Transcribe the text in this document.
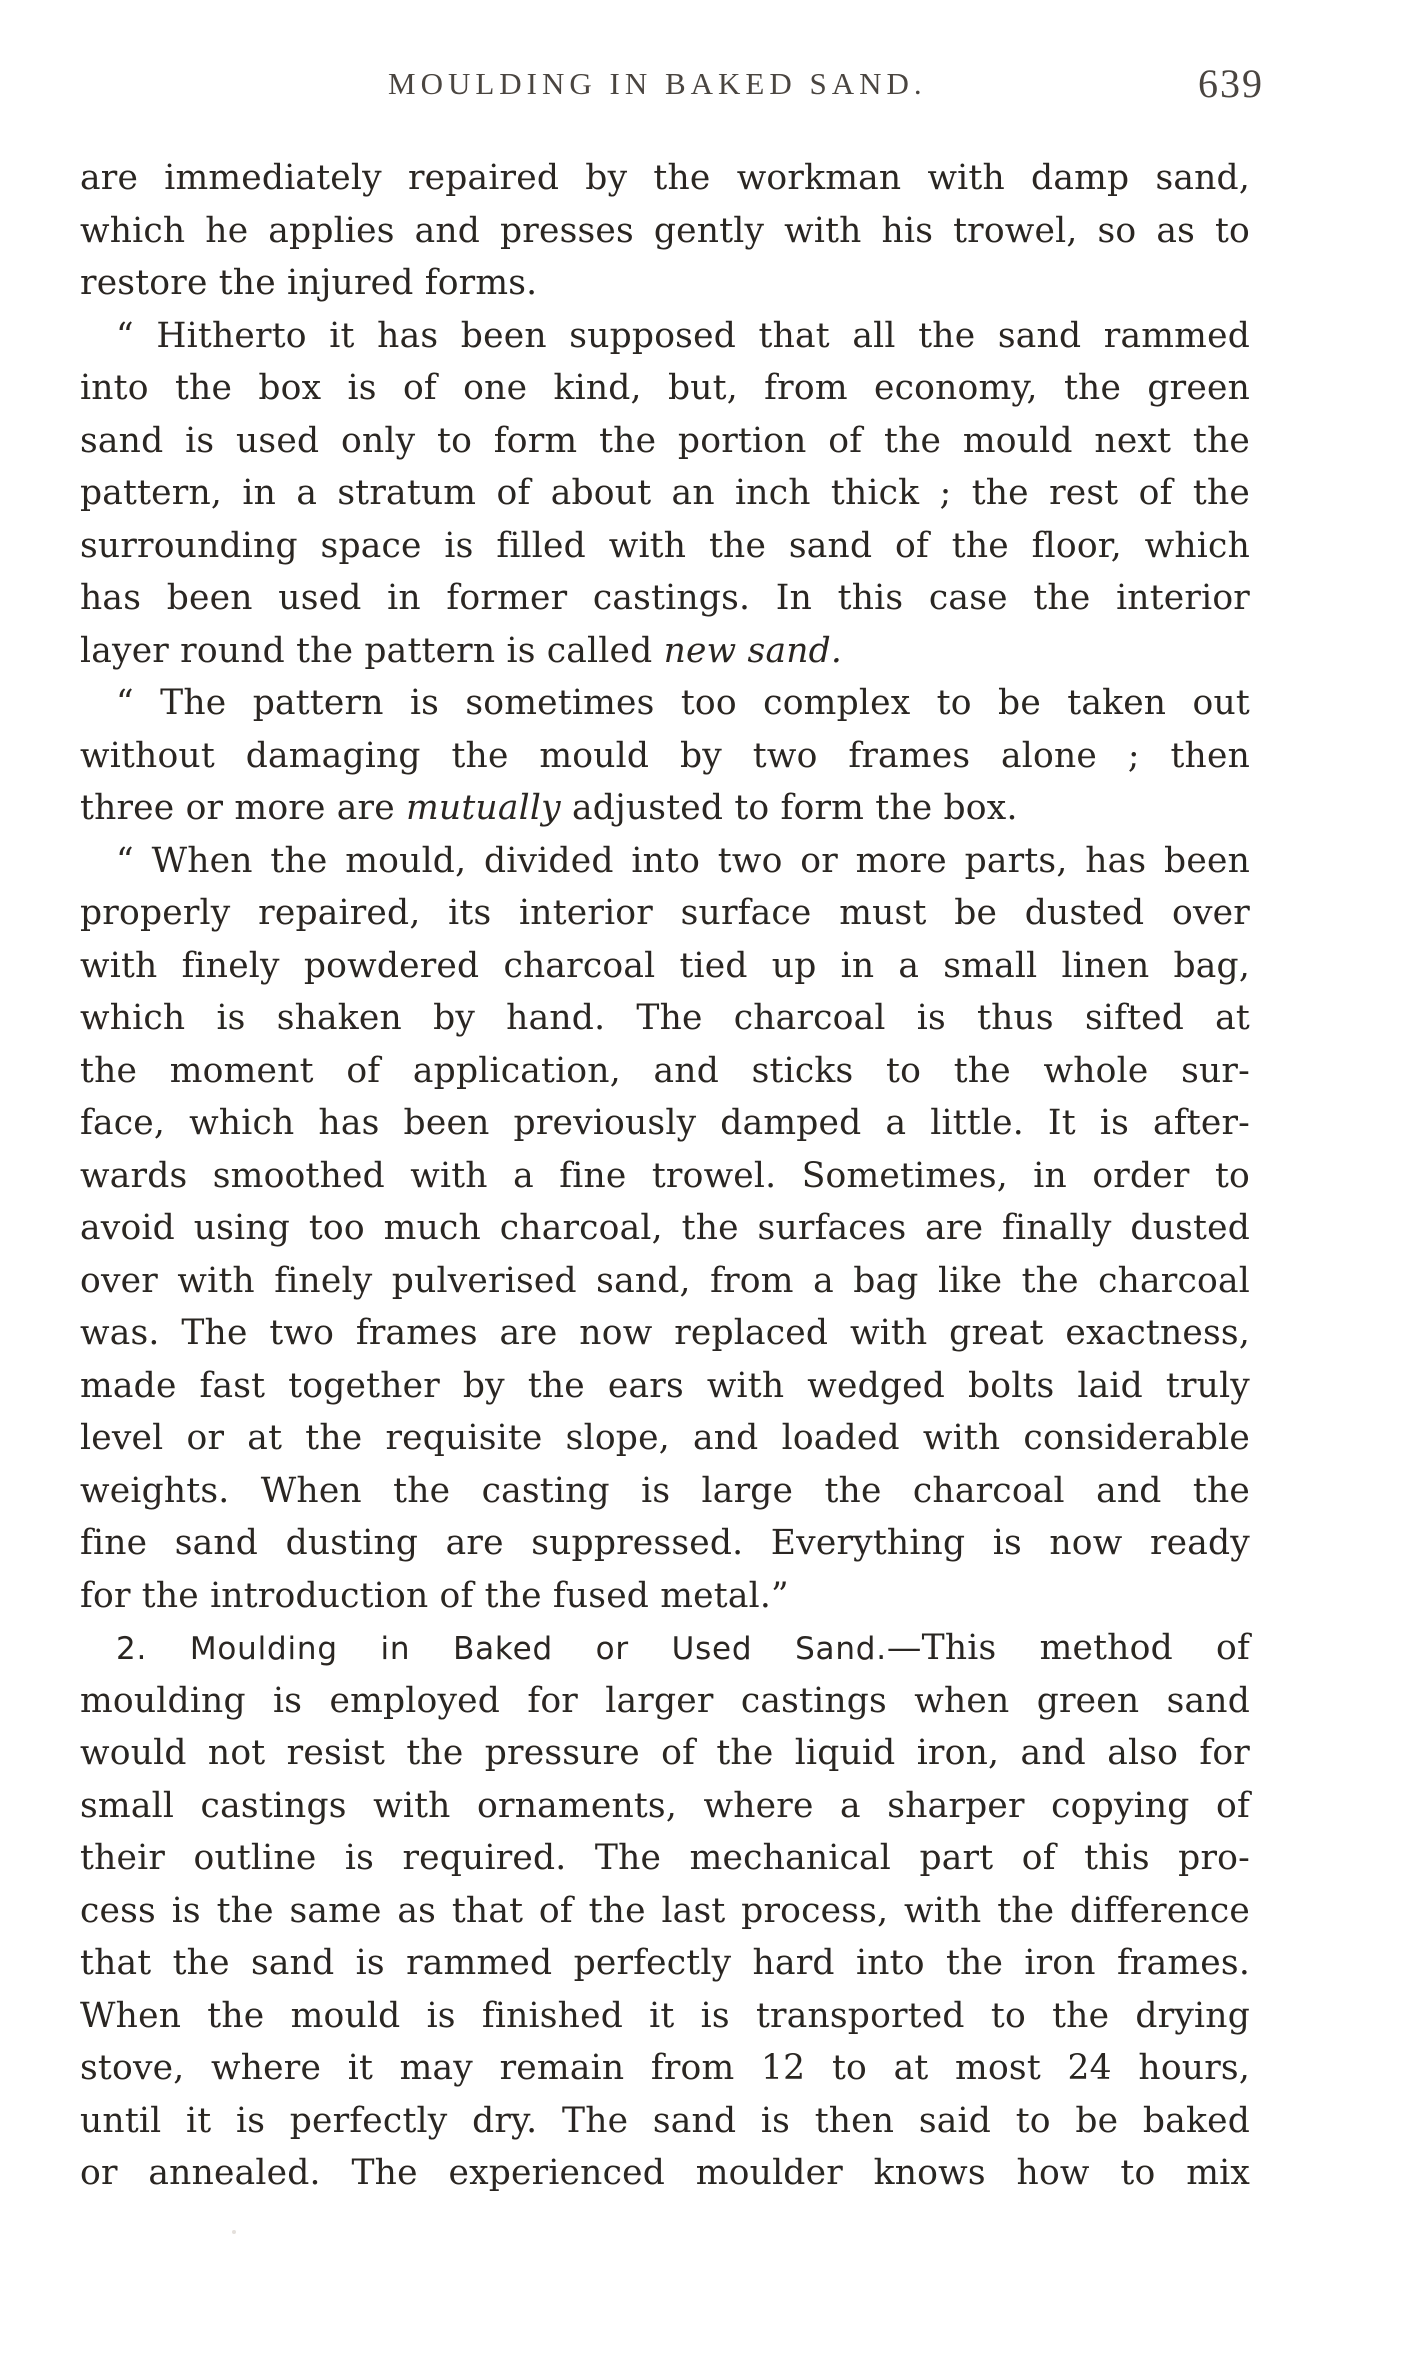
MOULDING IN BAKED SAND.	639
are immediately repaired by the workman with damp sand,
which he applies and presses gently with his trowel, so as to
restore the injured forms.
“ Hitherto it has been supposed that all the sand rammed
into the box is of one kind, but, from economy, the green
sand is used only to form the portion of the mould next the
pattern, in a stratum of about an inch thick ; the rest of the
surrounding space is filled with the sand of the floor, which
has been used in former castings. In this case the interior
layer round the pattern is called new sand.
“ The pattern is sometimes too complex to be taken out
without damaging the mould by two frames alone ; then
three or more are mutually adjusted to form the box.
“ When the mould, divided into two or more parts, has been
properly repaired, its interior surface must be dusted over
with finely powdered charcoal tied up in a small linen bag,
which is shaken by hand. The charcoal is thus sifted at
the moment of application, and sticks to the whole sur-
face, which has been previously damped a little. It is after-
wards smoothed with a fine trowel. Sometimes, in order to
avoid using too much charcoal, the surfaces are finally dusted
over with finely pulverised sand, from a bag like the charcoal
was. The two frames are now replaced with great exactness,
made fast together by the ears with wedged bolts laid truly
level or at the requisite slope, and loaded with considerable
weights. When the casting is large the charcoal and the
fine sand dusting are suppressed. Everything is now ready
for the introduction of the fused metal.”
2. Moulding in Baked or Used Sand.—This method of
moulding is employed for larger castings when green sand
would not resist the pressure of the liquid iron, and also for
small castings with ornaments, where a sharper copying of
their outline is required. The mechanical part of this pro-
cess is the same as that of the last process, with the difference
that the sand is rammed perfectly hard into the iron frames.
When the mould is finished it is transported to the drying
stove, where it may remain from 12 to at most 24 hours,
until it is perfectly dry. The sand is then said to be baked
or annealed. The experienced moulder knows how to mix
